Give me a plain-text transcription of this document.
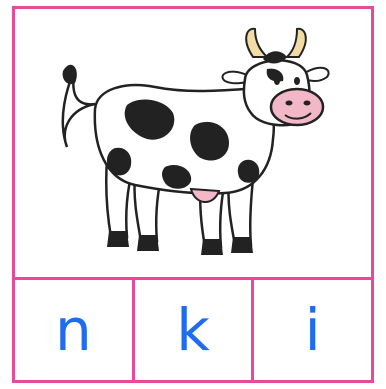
n	k	i
